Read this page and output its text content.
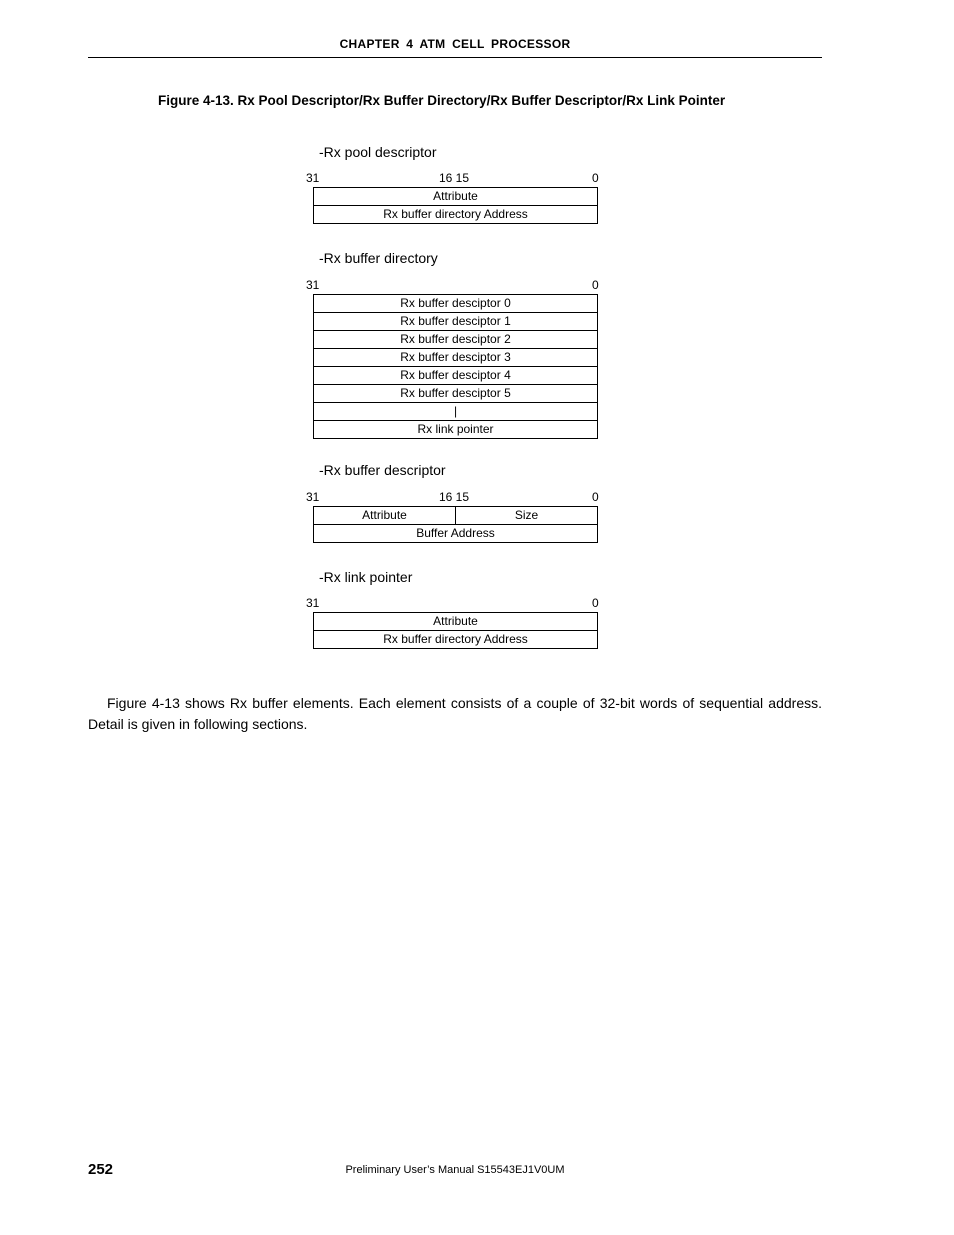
CHAPTER 4 ATM CELL PROCESSOR
Figure 4-13. Rx Pool Descriptor/Rx Buffer Directory/Rx Buffer Descriptor/Rx Link Pointer
-Rx pool descriptor
31	16 15	0
Attribute
Rx buffer directory Address
-Rx buffer directory
31	0
Rx buffer desciptor 0
Rx buffer desciptor 1
Rx buffer desciptor 2
Rx buffer desciptor 3
Rx buffer desciptor 4
Rx buffer desciptor 5
|
Rx link pointer
-Rx buffer descriptor
31	16 15	0
Attribute	Size
Buffer Address
-Rx link pointer
31	0
Attribute
Rx buffer directory Address
Figure 4-13 shows Rx buffer elements. Each element consists of a couple of 32-bit words of sequential address. Detail is given in following sections.
252	Preliminary User’s Manual S15543EJ1V0UM
